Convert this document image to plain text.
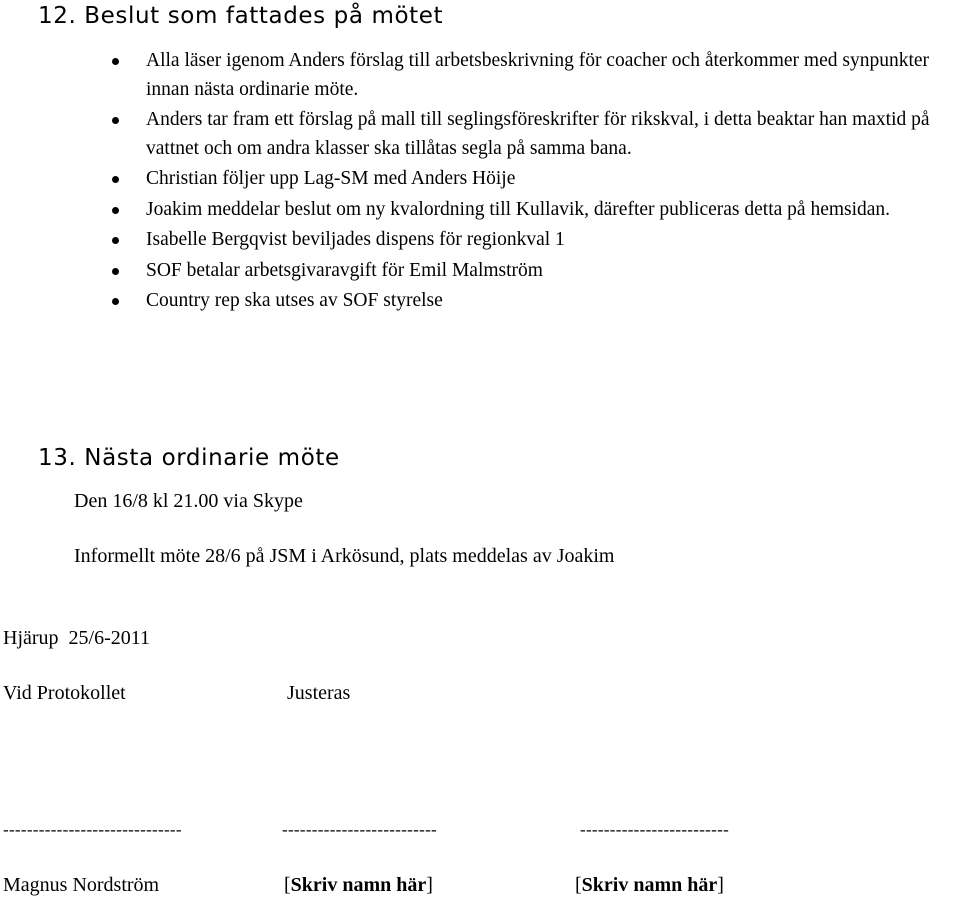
12. Beslut som fattades på mötet
Alla läser igenom Anders förslag till arbetsbeskrivning för coacher och återkommer med synpunkter innan nästa ordinarie möte.
Anders tar fram ett förslag på mall till seglingsföreskrifter för rikskval, i detta beaktar han maxtid på vattnet och om andra klasser ska tillåtas segla på samma bana.
Christian följer upp Lag-SM med Anders Höije
Joakim meddelar beslut om ny kvalordning till Kullavik, därefter publiceras detta på hemsidan.
Isabelle Bergqvist beviljades dispens för regionkval 1
SOF betalar arbetsgivaravgift för Emil Malmström
Country rep ska utses av SOF styrelse
13. Nästa ordinarie möte
Den 16/8 kl 21.00 via Skype
Informellt möte 28/6 på JSM i Arkösund, plats meddelas av Joakim
Hjärup  25/6-2011
Vid Protokollet	Justeras
------------------------------	--------------------------	-------------------------
Magnus Nordström	[Skriv namn här]	[Skriv namn här]
